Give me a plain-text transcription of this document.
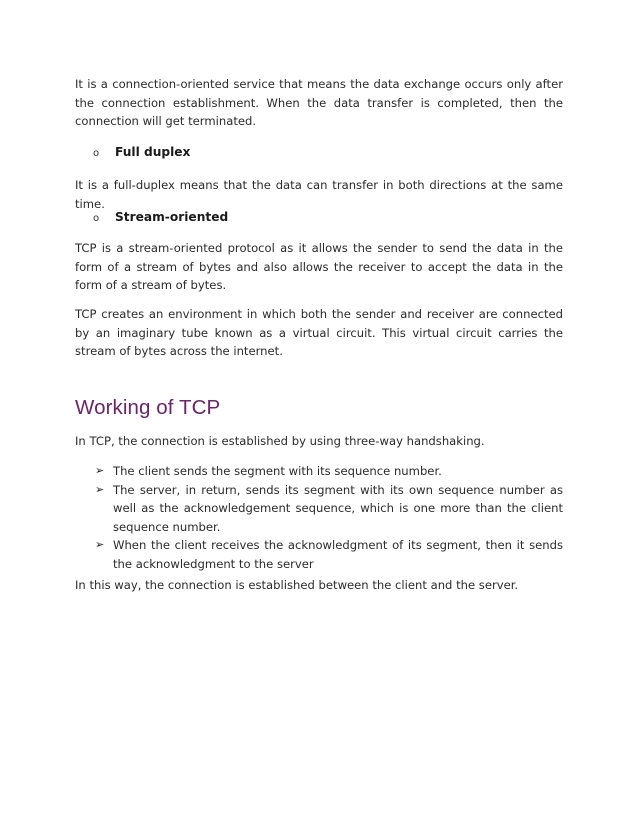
It is a connection-oriented service that means the data exchange occurs only after the connection establishment. When the data transfer is completed, then the connection will get terminated.

o	Full duplex

It is a full-duplex means that the data can transfer in both directions at the same time.

o	Stream-oriented

TCP is a stream-oriented protocol as it allows the sender to send the data in the form of a stream of bytes and also allows the receiver to accept the data in the form of a stream of bytes.

TCP creates an environment in which both the sender and receiver are connected by an imaginary tube known as a virtual circuit. This virtual circuit carries the stream of bytes across the internet.

Working of TCP

In TCP, the connection is established by using three-way handshaking.

➢ The client sends the segment with its sequence number.
➢ The server, in return, sends its segment with its own sequence number as well as the acknowledgement sequence, which is one more than the client sequence number.
➢ When the client receives the acknowledgment of its segment, then it sends the acknowledgment to the server

In this way, the connection is established between the client and the server.
